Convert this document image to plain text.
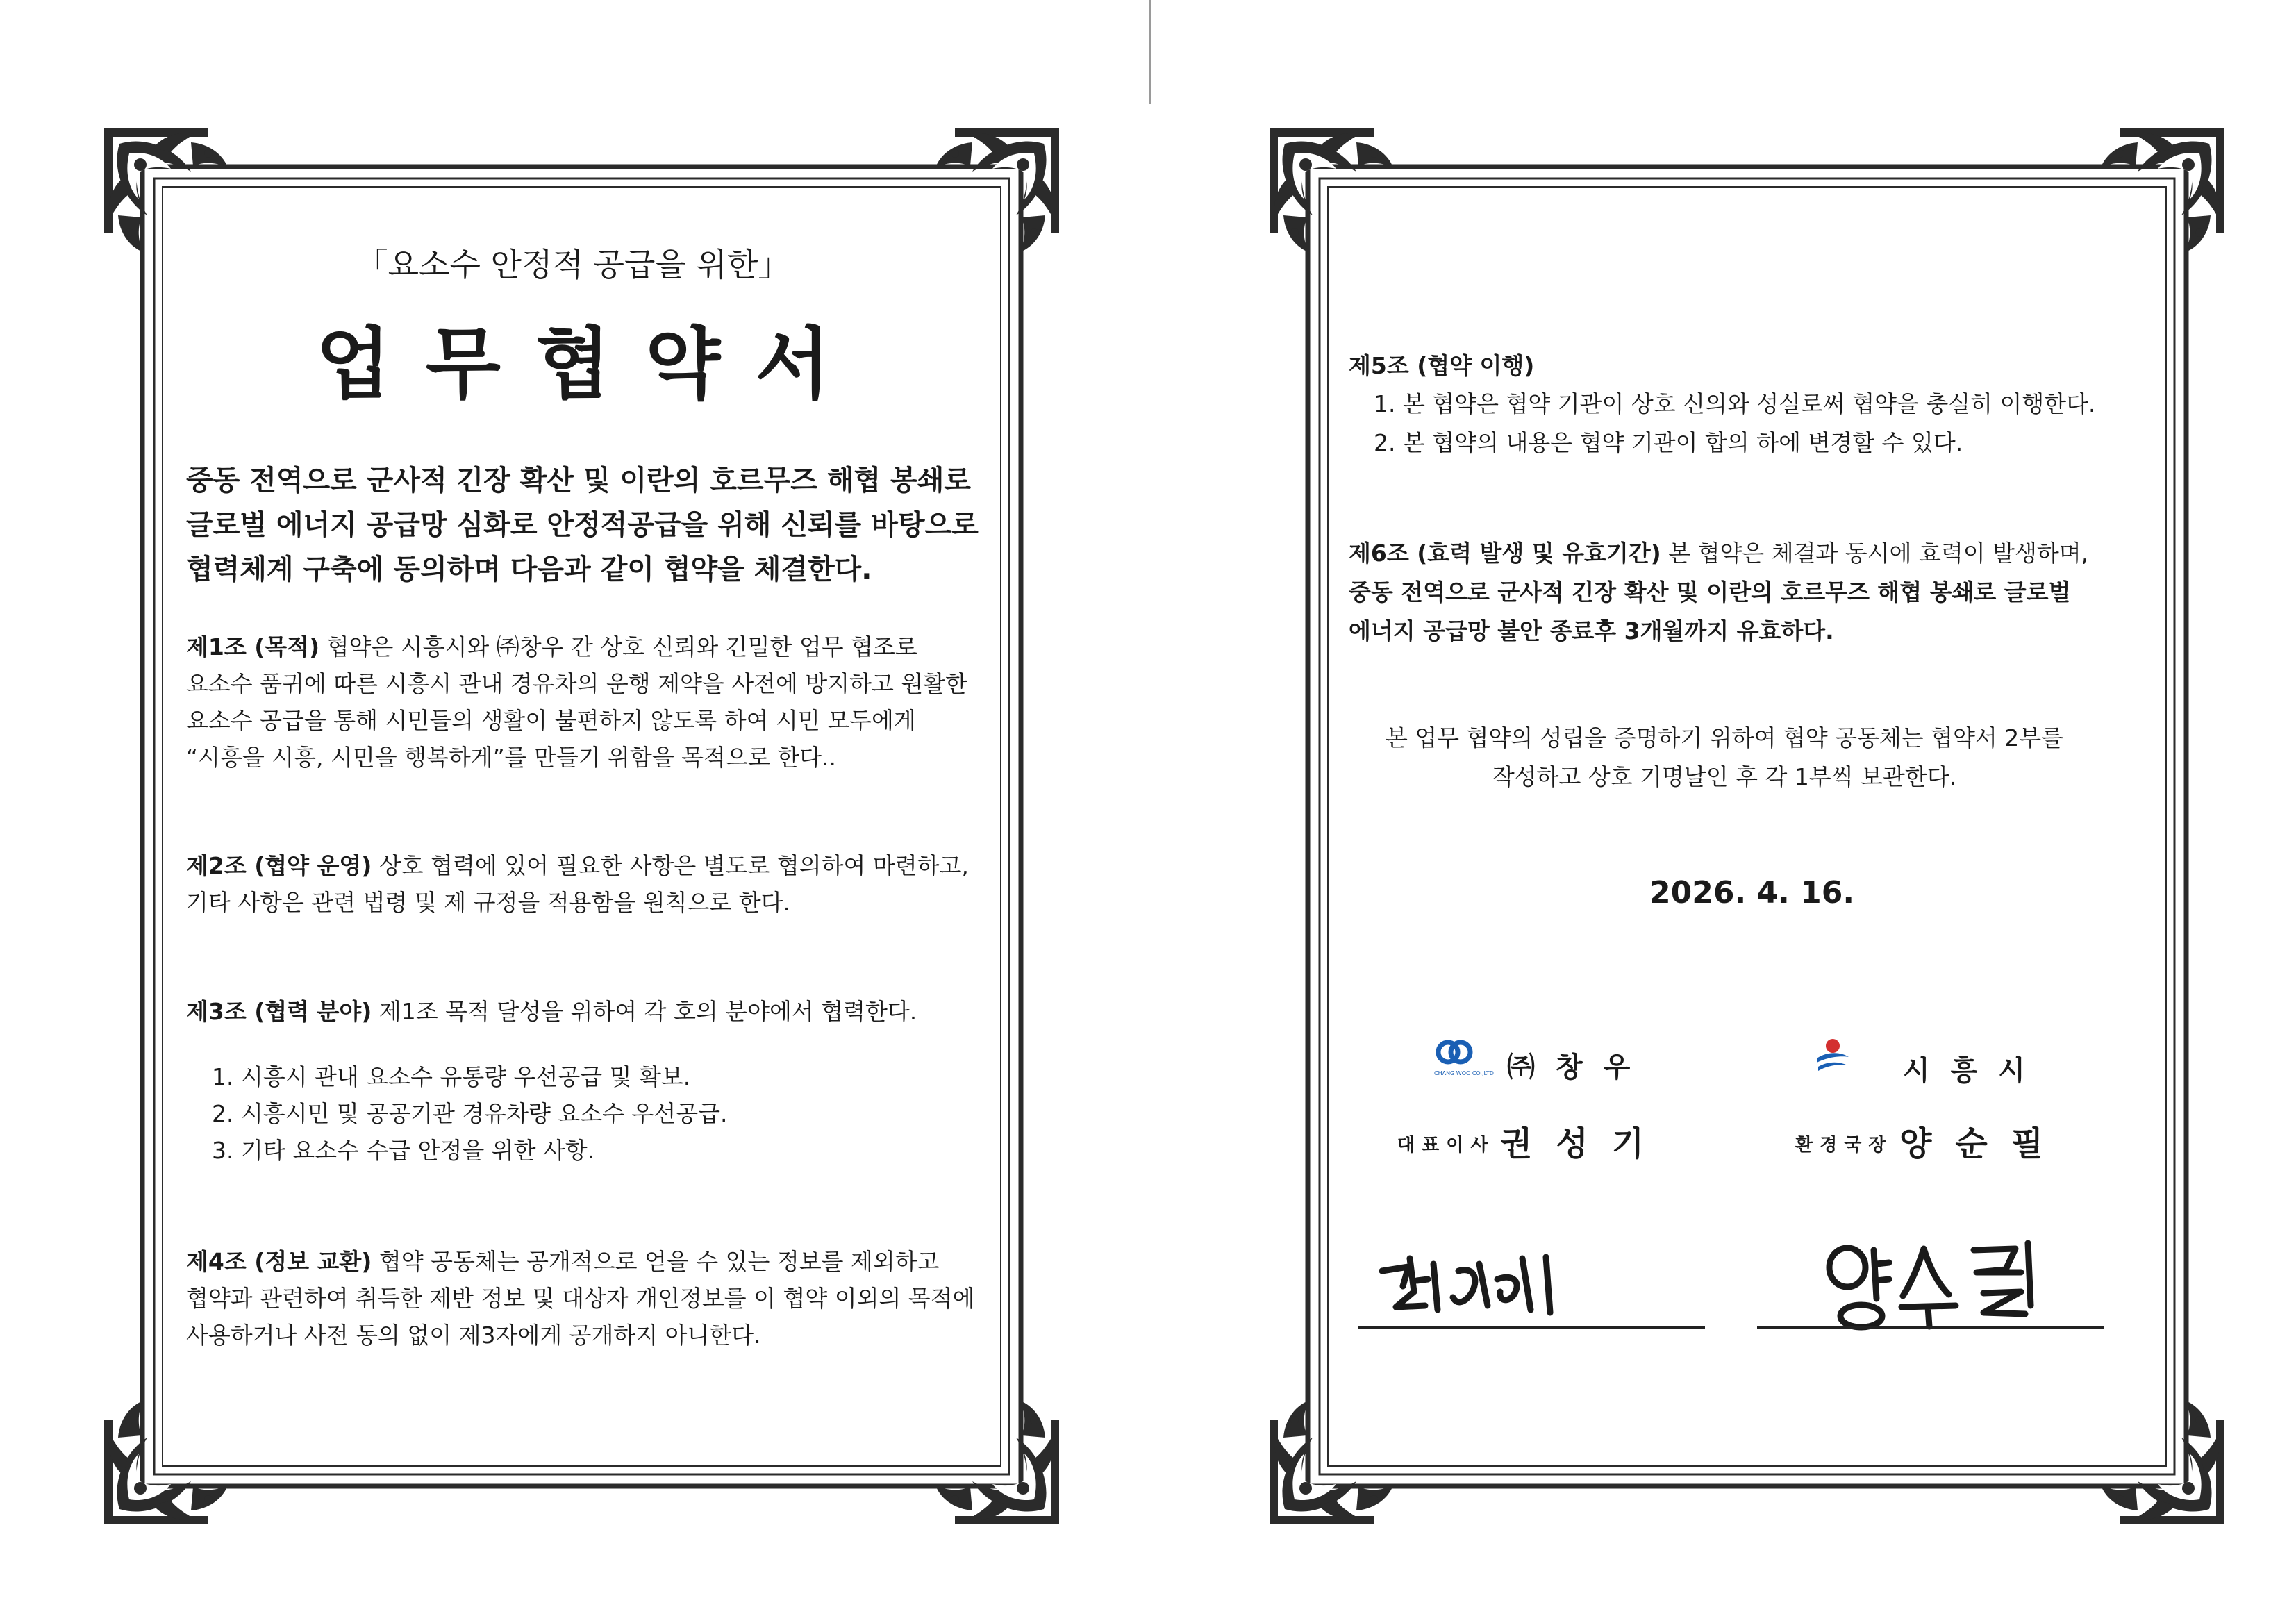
「요소수 안정적 공급을 위한」

업무협약서

중동 전역으로 군사적 긴장 확산 및 이란의 호르무즈 해협 봉쇄로

글로벌 에너지 공급망 심화로 안정적공급을 위해 신뢰를 바탕으로

협력체계 구축에 동의하며 다음과 같이 협약을 체결한다.

제1조 (목적) 협약은 시흥시와 ㈜창우 간 상호 신뢰와 긴밀한 업무 협조로

요소수 품귀에 따른 시흥시 관내 경유차의 운행 제약을 사전에 방지하고 원활한

요소수 공급을 통해 시민들의 생활이 불편하지 않도록 하여 시민 모두에게

“시흥을 시흥, 시민을 행복하게”를 만들기 위함을 목적으로 한다..

제2조 (협약 운영) 상호 협력에 있어 필요한 사항은 별도로 협의하여 마련하고,

기타 사항은 관련 법령 및 제 규정을 적용함을 원칙으로 한다.

제3조 (협력 분야) 제1조 목적 달성을 위하여 각 호의 분야에서 협력한다.

1. 시흥시 관내 요소수 유통량 우선공급 및 확보.

2. 시흥시민 및 공공기관 경유차량 요소수 우선공급.

3. 기타 요소수 수급 안정을 위한 사항.

제4조 (정보 교환) 협약 공동체는 공개적으로 얻을 수 있는 정보를 제외하고

협약과 관련하여 취득한 제반 정보 및 대상자 개인정보를 이 협약 이외의 목적에

사용하거나 사전 동의 없이 제3자에게 공개하지 아니한다.

제5조 (협약 이행)

1. 본 협약은 협약 기관이 상호 신의와 성실로써 협약을 충실히 이행한다.

2. 본 협약의 내용은 협약 기관이 합의 하에 변경할 수 있다.

제6조 (효력 발생 및 유효기간) 본 협약은 체결과 동시에 효력이 발생하며,

중동 전역으로 군사적 긴장 확산 및 이란의 호르무즈 해협 봉쇄로 글로벌

에너지 공급망 불안 종료후 3개월까지 유효하다.

본 업무 협약의 성립을 증명하기 위하여 협약 공동체는 협약서 2부를

작성하고 상호 기명날인 후 각 1부씩 보관한다.

2026. 4. 16.

CHANG WOO CO.,LTD ㈜창우

대표이사 권성기

시흥시

환경국장 양순필
